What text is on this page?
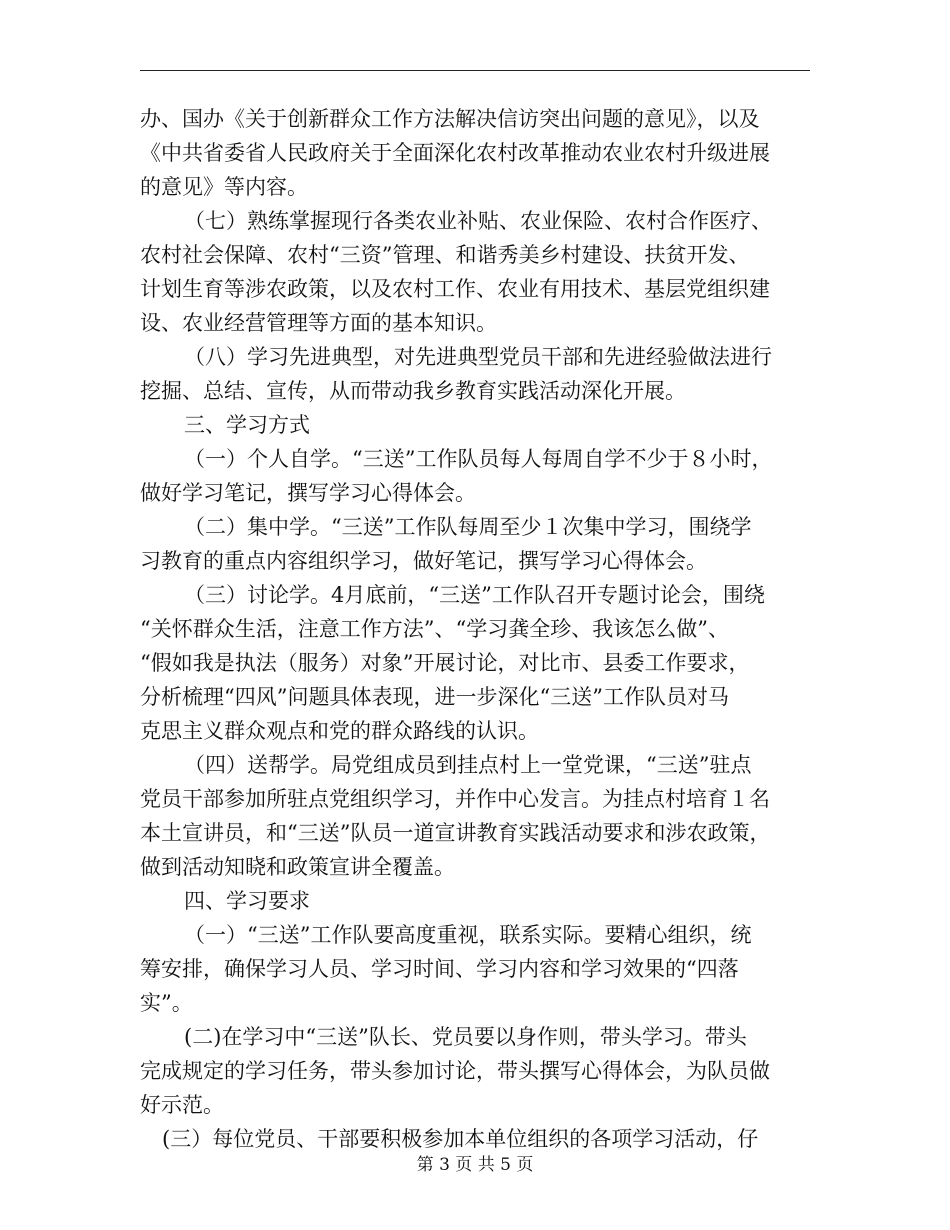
办、国办《关于创新群众工作方法解决信访突出问题的意见》，以及
《中共省委省人民政府关于全面深化农村改革推动农业农村升级进展
的意见》等内容。
（七）熟练掌握现行各类农业补贴、农业保险、农村合作医疗、
农村社会保障、农村“三资”管理、和谐秀美乡村建设、扶贫开发、
计划生育等涉农政策，以及农村工作、农业有用技术、基层党组织建
设、农业经营管理等方面的基本知识。
（八）学习先进典型，对先进典型党员干部和先进经验做法进行
挖掘、总结、宣传，从而带动我乡教育实践活动深化开展。
三、学习方式
（一）个人自学。“三送”工作队员每人每周自学不少于８小时，
做好学习笔记，撰写学习心得体会。
（二）集中学。“三送”工作队每周至少１次集中学习，围绕学
习教育的重点内容组织学习，做好笔记，撰写学习心得体会。
（三）讨论学。4月底前，“三送”工作队召开专题讨论会，围绕
“关怀群众生活，注意工作方法”、“学习龚全珍、我该怎么做”、
“假如我是执法（服务）对象”开展讨论，对比市、县委工作要求，
分析梳理“四风”问题具体表现，进一步深化“三送”工作队员对马
克思主义群众观点和党的群众路线的认识。
（四）送帮学。局党组成员到挂点村上一堂党课，“三送”驻点
党员干部参加所驻点党组织学习，并作中心发言。为挂点村培育１名
本土宣讲员，和“三送”队员一道宣讲教育实践活动要求和涉农政策，
做到活动知晓和政策宣讲全覆盖。
四、学习要求
（一）“三送”工作队要高度重视，联系实际。要精心组织，统
筹安排，确保学习人员、学习时间、学习内容和学习效果的“四落
实”。
(二)在学习中“三送”队长、党员要以身作则，带头学习。带头
完成规定的学习任务，带头参加讨论，带头撰写心得体会，为队员做
好示范。
(三）每位党员、干部要积极参加本单位组织的各项学习活动，仔
第 3 页 共 5 页
